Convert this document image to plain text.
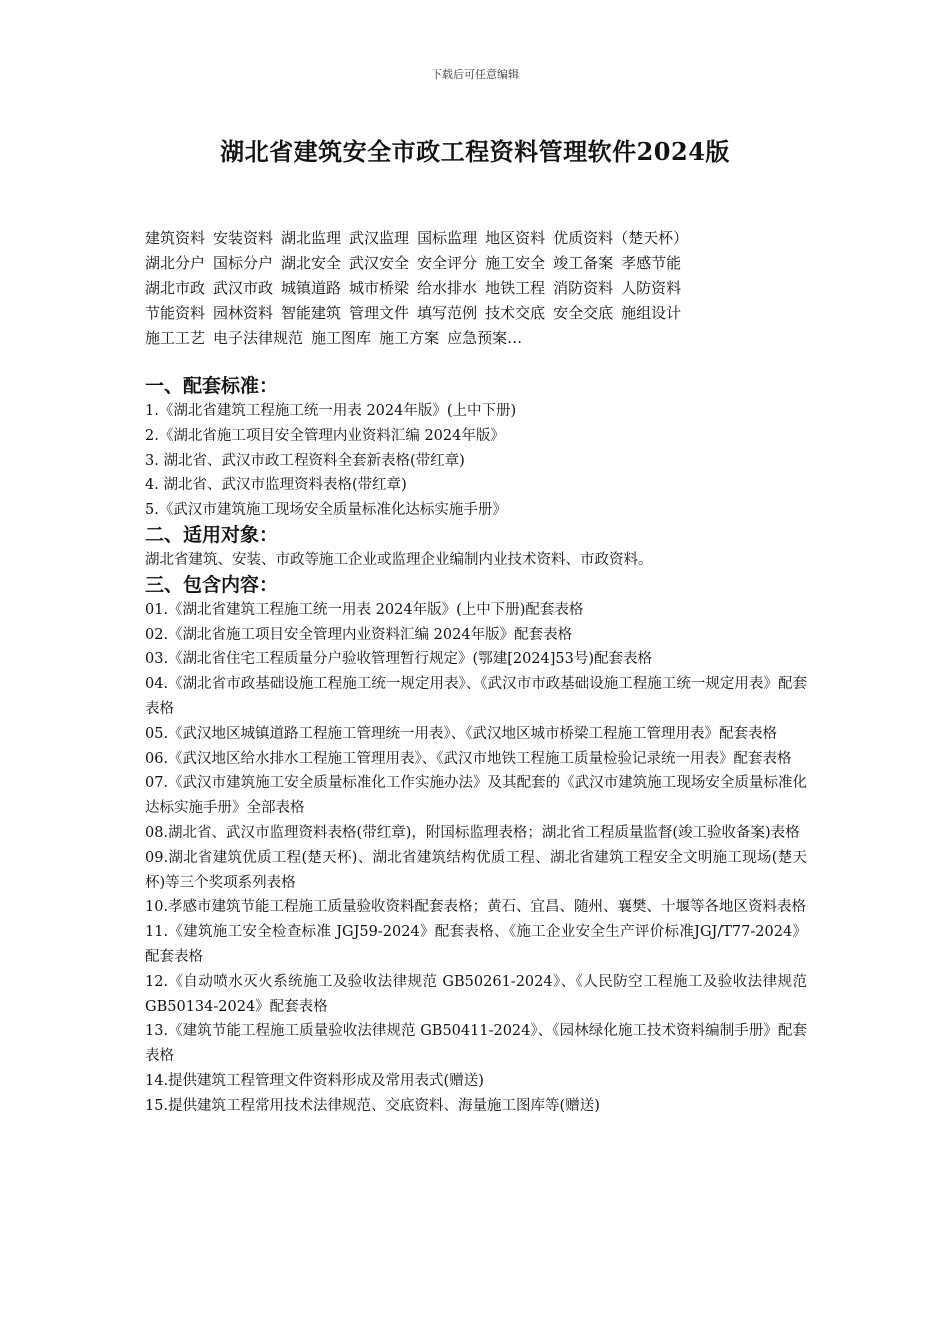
下载后可任意编辑
湖北省建筑安全市政工程资料管理软件2024版
建筑资料 安装资料 湖北监理 武汉监理 国标监理 地区资料 优质资料（楚天杯）
湖北分户 国标分户 湖北安全 武汉安全 安全评分 施工安全 竣工备案 孝感节能
湖北市政 武汉市政 城镇道路 城市桥梁 给水排水 地铁工程 消防资料 人防资料
节能资料 园林资料 智能建筑 管理文件 填写范例 技术交底 安全交底 施组设计
施工工艺 电子法律规范 施工图库 施工方案 应急预案…
一、配套标准：
1.《湖北省建筑工程施工统一用表 2024年版》(上中下册)
2.《湖北省施工项目安全管理内业资料汇编 2024年版》
3. 湖北省、武汉市政工程资料全套新表格(带红章)
4. 湖北省、武汉市监理资料表格(带红章)
5.《武汉市建筑施工现场安全质量标准化达标实施手册》
二、适用对象：
湖北省建筑、安装、市政等施工企业或监理企业编制内业技术资料、市政资料。
三、包含内容：
01.《湖北省建筑工程施工统一用表 2024年版》(上中下册)配套表格
02.《湖北省施工项目安全管理内业资料汇编 2024年版》配套表格
03.《湖北省住宅工程质量分户验收管理暂行规定》(鄂建[2024]53号)配套表格
04.《湖北省市政基础设施工程施工统一规定用表》、《武汉市市政基础设施工程施工统一规定用表》配套表格
05.《武汉地区城镇道路工程施工管理统一用表》、《武汉地区城市桥梁工程施工管理用表》配套表格
06.《武汉地区给水排水工程施工管理用表》、《武汉市地铁工程施工质量检验记录统一用表》配套表格
07.《武汉市建筑施工安全质量标准化工作实施办法》及其配套的《武汉市建筑施工现场安全质量标准化达标实施手册》全部表格
08.湖北省、武汉市监理资料表格(带红章)，附国标监理表格；湖北省工程质量监督(竣工验收备案)表格
09.湖北省建筑优质工程(楚天杯)、湖北省建筑结构优质工程、湖北省建筑工程安全文明施工现场(楚天杯)等三个奖项系列表格
10.孝感市建筑节能工程施工质量验收资料配套表格；黄石、宜昌、随州、襄樊、十堰等各地区资料表格
11.《建筑施工安全检查标准 JGJ59-2024》配套表格、《施工企业安全生产评价标准JGJ/T77-2024》配套表格
12.《自动喷水灭火系统施工及验收法律规范 GB50261-2024》、《人民防空工程施工及验收法律规范 GB50134-2024》配套表格
13.《建筑节能工程施工质量验收法律规范 GB50411-2024》、《园林绿化施工技术资料编制手册》配套表格
14.提供建筑工程管理文件资料形成及常用表式(赠送)
15.提供建筑工程常用技术法律规范、交底资料、海量施工图库等(赠送)
